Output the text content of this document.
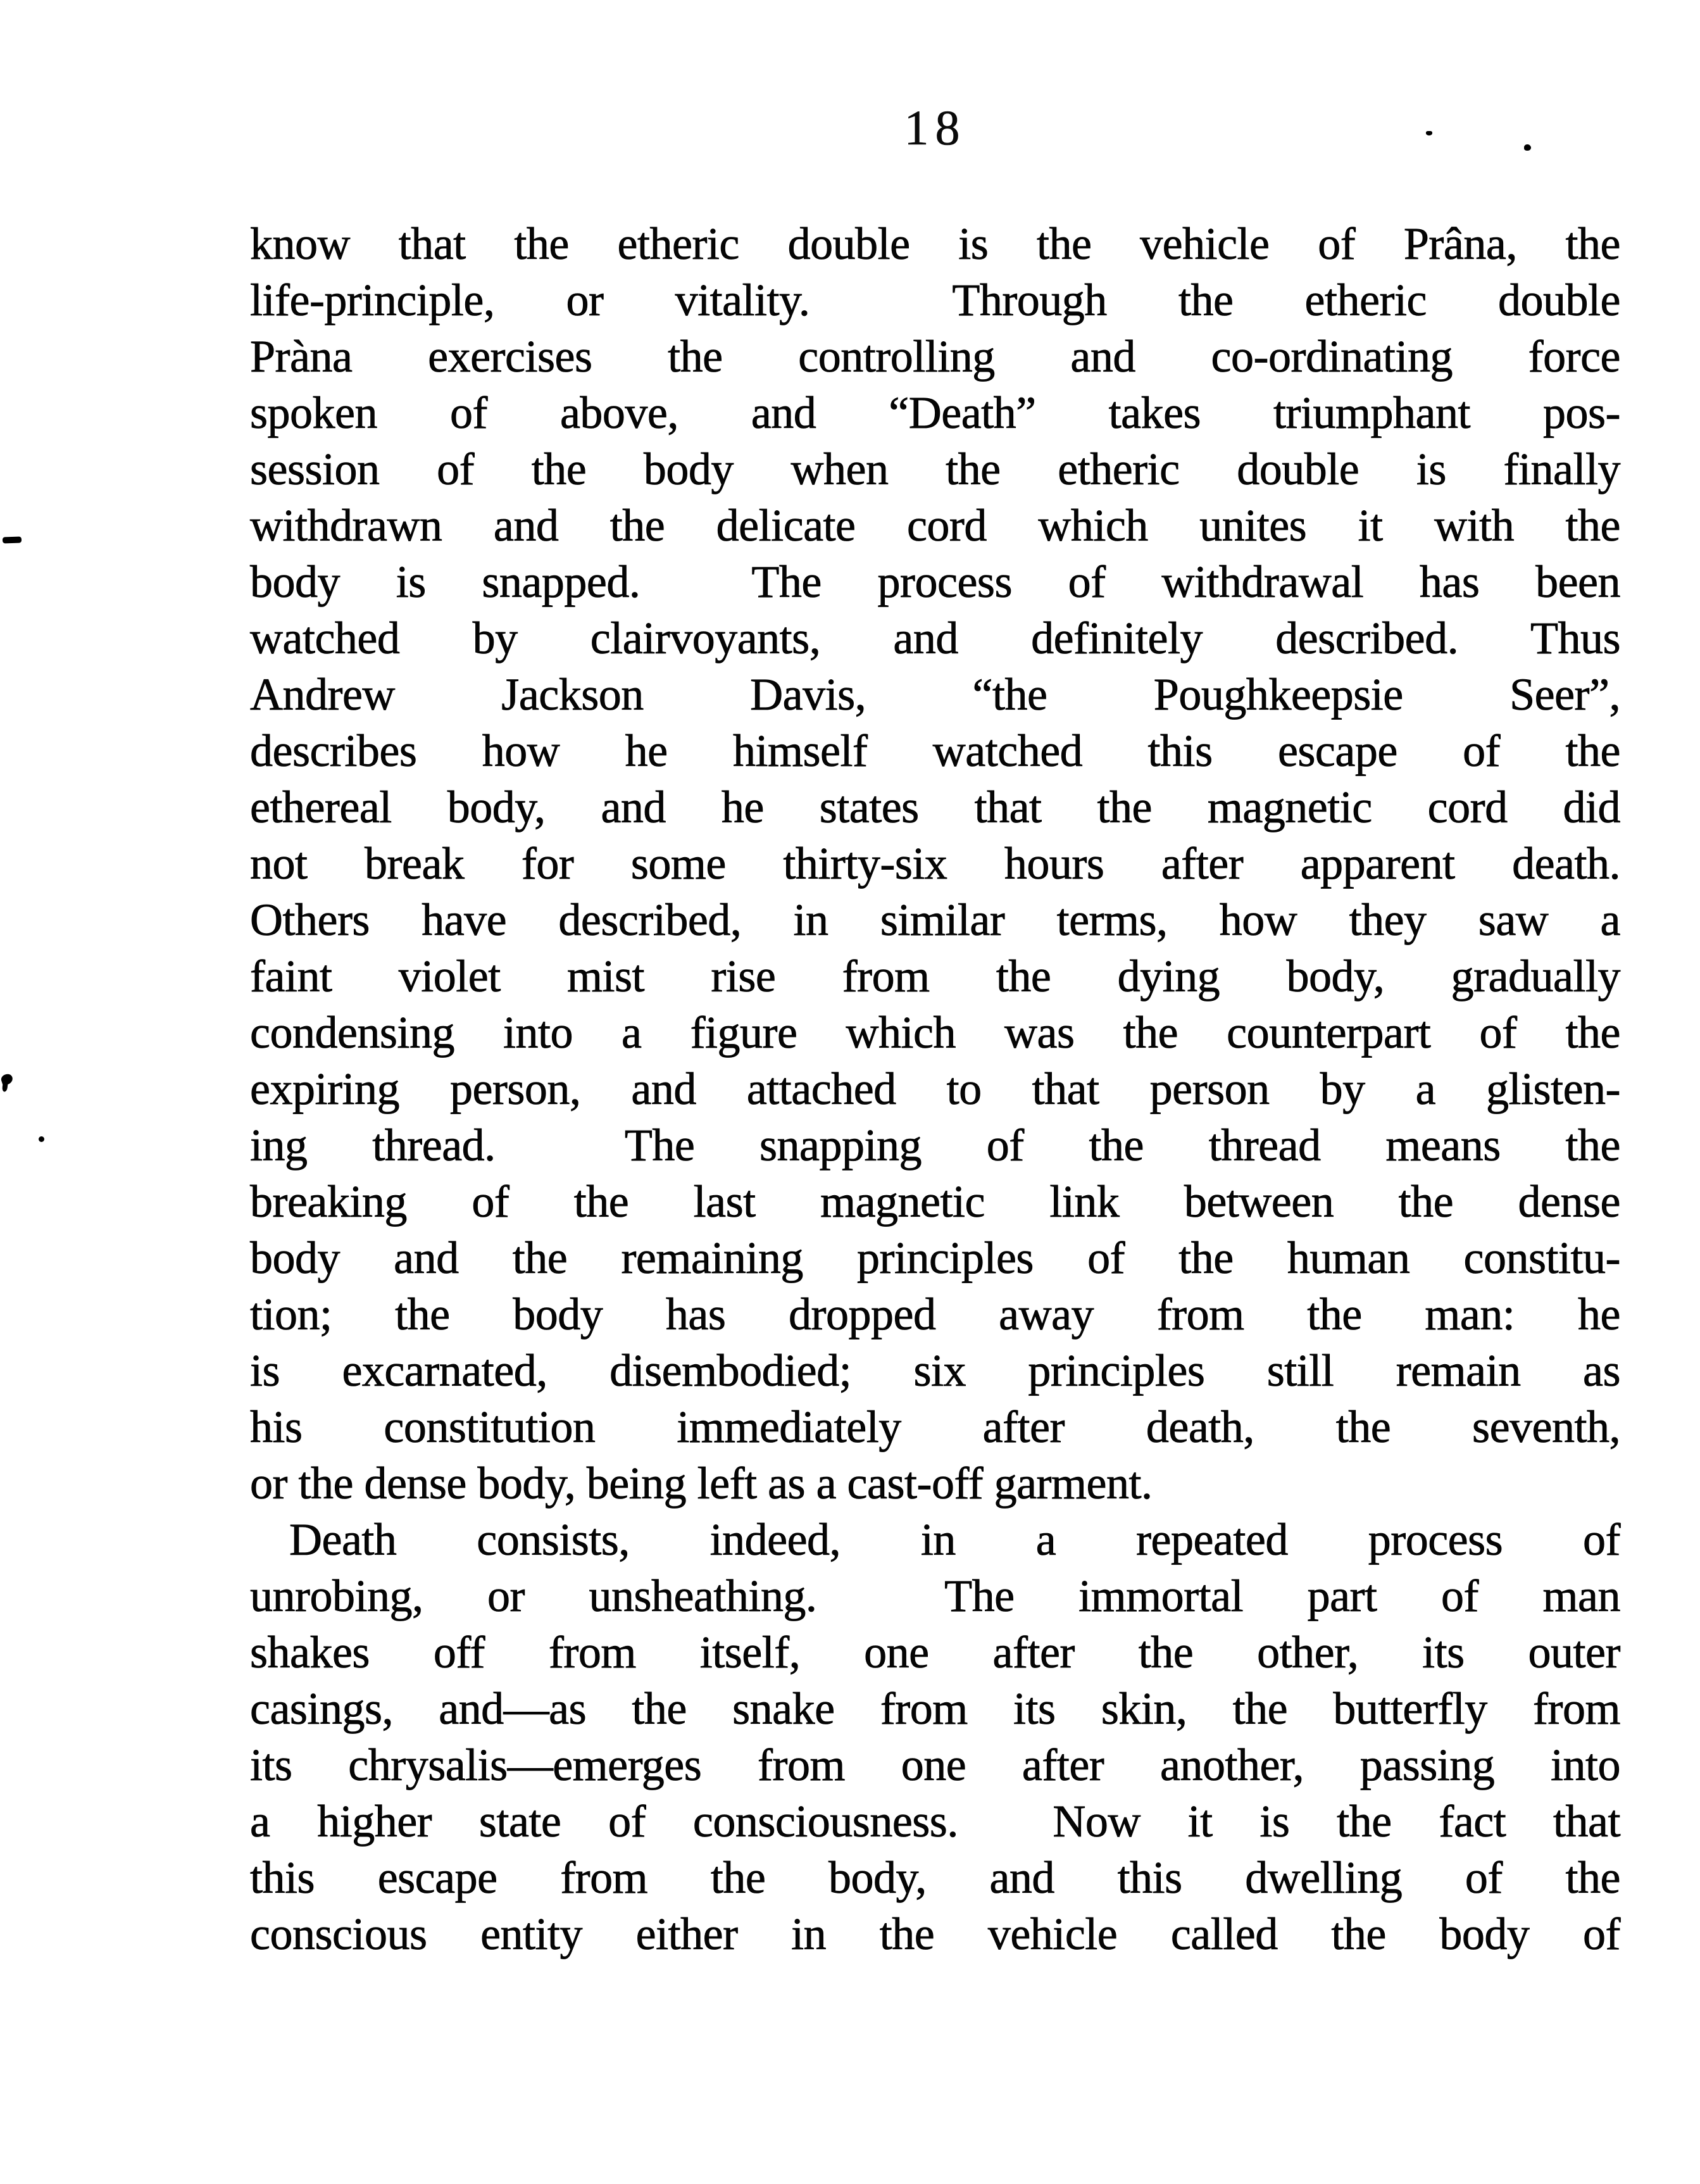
18
know that the etheric double is the vehicle of Prâna, the
life-principle, or vitality.  Through the etheric double
Pràna exercises the controlling and co-ordinating force
spoken of above, and “Death” takes triumphant pos-
session of the body when the etheric double is finally
withdrawn and the delicate cord which unites it with the
body is snapped.  The process of withdrawal has been
watched by clairvoyants, and definitely described. Thus
Andrew  Jackson  Davis,  “the  Poughkeepsie  Seer”,
describes how he himself watched this escape of the
ethereal body, and he states that the magnetic cord did
not break for some thirty-six hours after apparent death.
Others have described, in similar terms, how they saw a
faint violet mist rise from the dying body, gradually
condensing into a figure which was the counterpart of the
expiring person, and attached to that person by a glisten-
ing thread.  The snapping of the thread means the
breaking of the last magnetic link between the dense
body and the remaining principles of the human constitu-
tion; the body has dropped away from the man: he
is excarnated, disembodied; six principles still remain as
his constitution immediately after death, the seventh,
or the dense body, being left as a cast-off garment.
Death consists, indeed, in a repeated process of
unrobing, or unsheathing.  The immortal part of man
shakes off from itself, one after the other, its outer
casings, and—as the snake from its skin, the butterfly from
its chrysalis—emerges from one after another, passing into
a higher state of consciousness.  Now it is the fact that
this escape from the body, and this dwelling of the
conscious entity either in the vehicle called the body of
